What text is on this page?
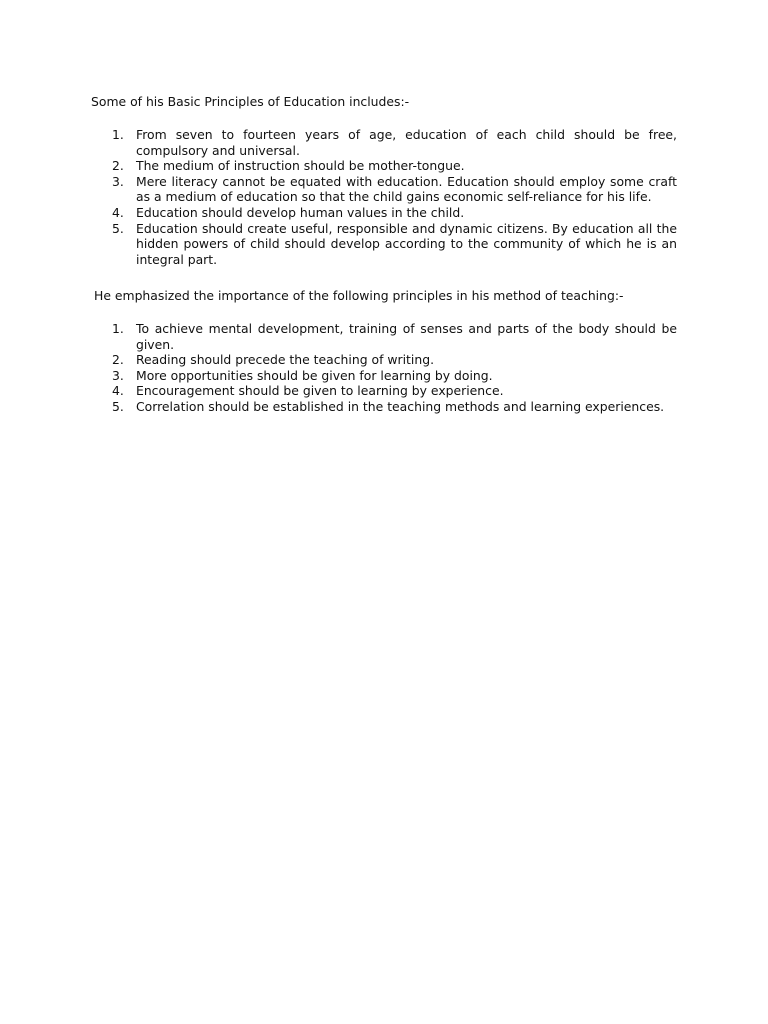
Some of his Basic Principles of Education includes:-

1. From seven to fourteen years of age, education of each child should be free, compulsory and universal.
2. The medium of instruction should be mother-tongue.
3. Mere literacy cannot be equated with education. Education should employ some craft as a medium of education so that the child gains economic self-reliance for his life.
4. Education should develop human values in the child.
5. Education should create useful, responsible and dynamic citizens. By education all the hidden powers of child should develop according to the community of which he is an integral part.

He emphasized the importance of the following principles in his method of teaching:-

1. To achieve mental development, training of senses and parts of the body should be given.
2. Reading should precede the teaching of writing.
3. More opportunities should be given for learning by doing.
4. Encouragement should be given to learning by experience.
5. Correlation should be established in the teaching methods and learning experiences.
